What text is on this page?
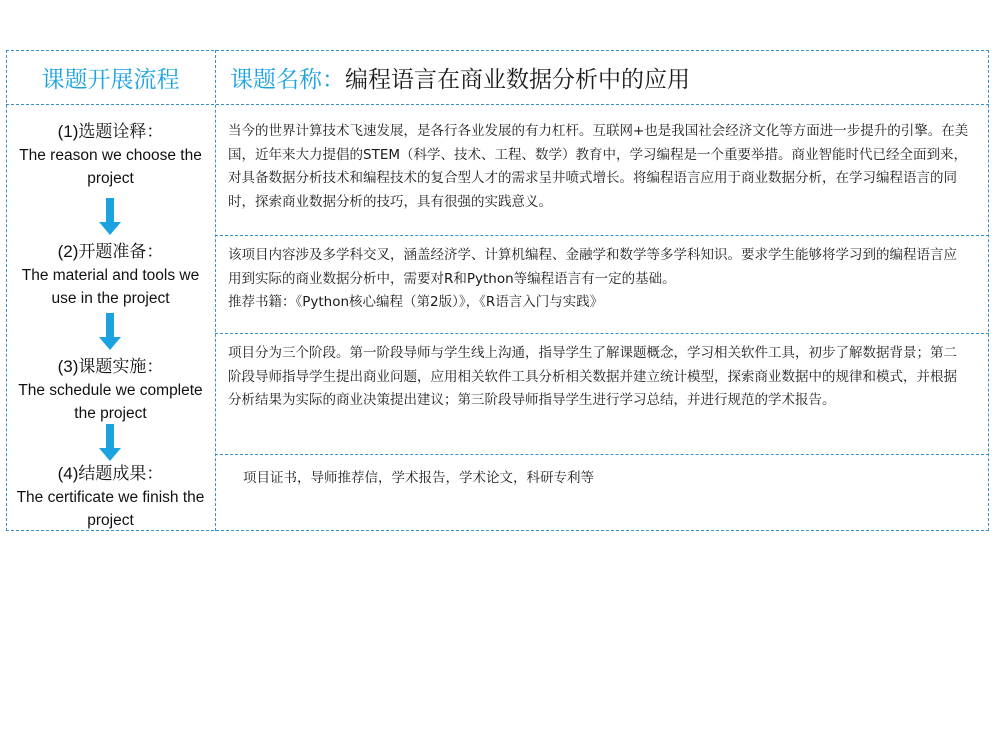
课题开展流程	课题名称： 编程语言在商业数据分析中的应用
(1)选题诠释：
The reason we choose the project
(2)开题准备：
The material and tools we use in the project
(3)课题实施：
The schedule we complete the project
(4)结题成果：
The certificate we finish the project

当今的世界计算技术飞速发展，是各行各业发展的有力杠杆。互联网+也是我国社会经济文化等方面进一步提升的引擎。在美国，近年来大力提倡的STEM（科学、技术、工程、数学）教育中，学习编程是一个重要举措。商业智能时代已经全面到来，对具备数据分析技术和编程技术的复合型人才的需求呈井喷式增长。将编程语言应用于商业数据分析，在学习编程语言的同时，探索商业数据分析的技巧，具有很强的实践意义。

该项目内容涉及多学科交叉，涵盖经济学、计算机编程、金融学和数学等多学科知识。要求学生能够将学习到的编程语言应用到实际的商业数据分析中，需要对R和Python等编程语言有一定的基础。

推荐书籍：《Python核心编程（第2版）》，《R语言入门与实践》

项目分为三个阶段。第一阶段导师与学生线上沟通，指导学生了解课题概念，学习相关软件工具，初步了解数据背景；第二阶段导师指导学生提出商业问题，应用相关软件工具分析相关数据并建立统计模型，探索商业数据中的规律和模式，并根据分析结果为实际的商业决策提出建议；第三阶段导师指导学生进行学习总结，并进行规范的学术报告。

项目证书，导师推荐信，学术报告，学术论文，科研专利等
